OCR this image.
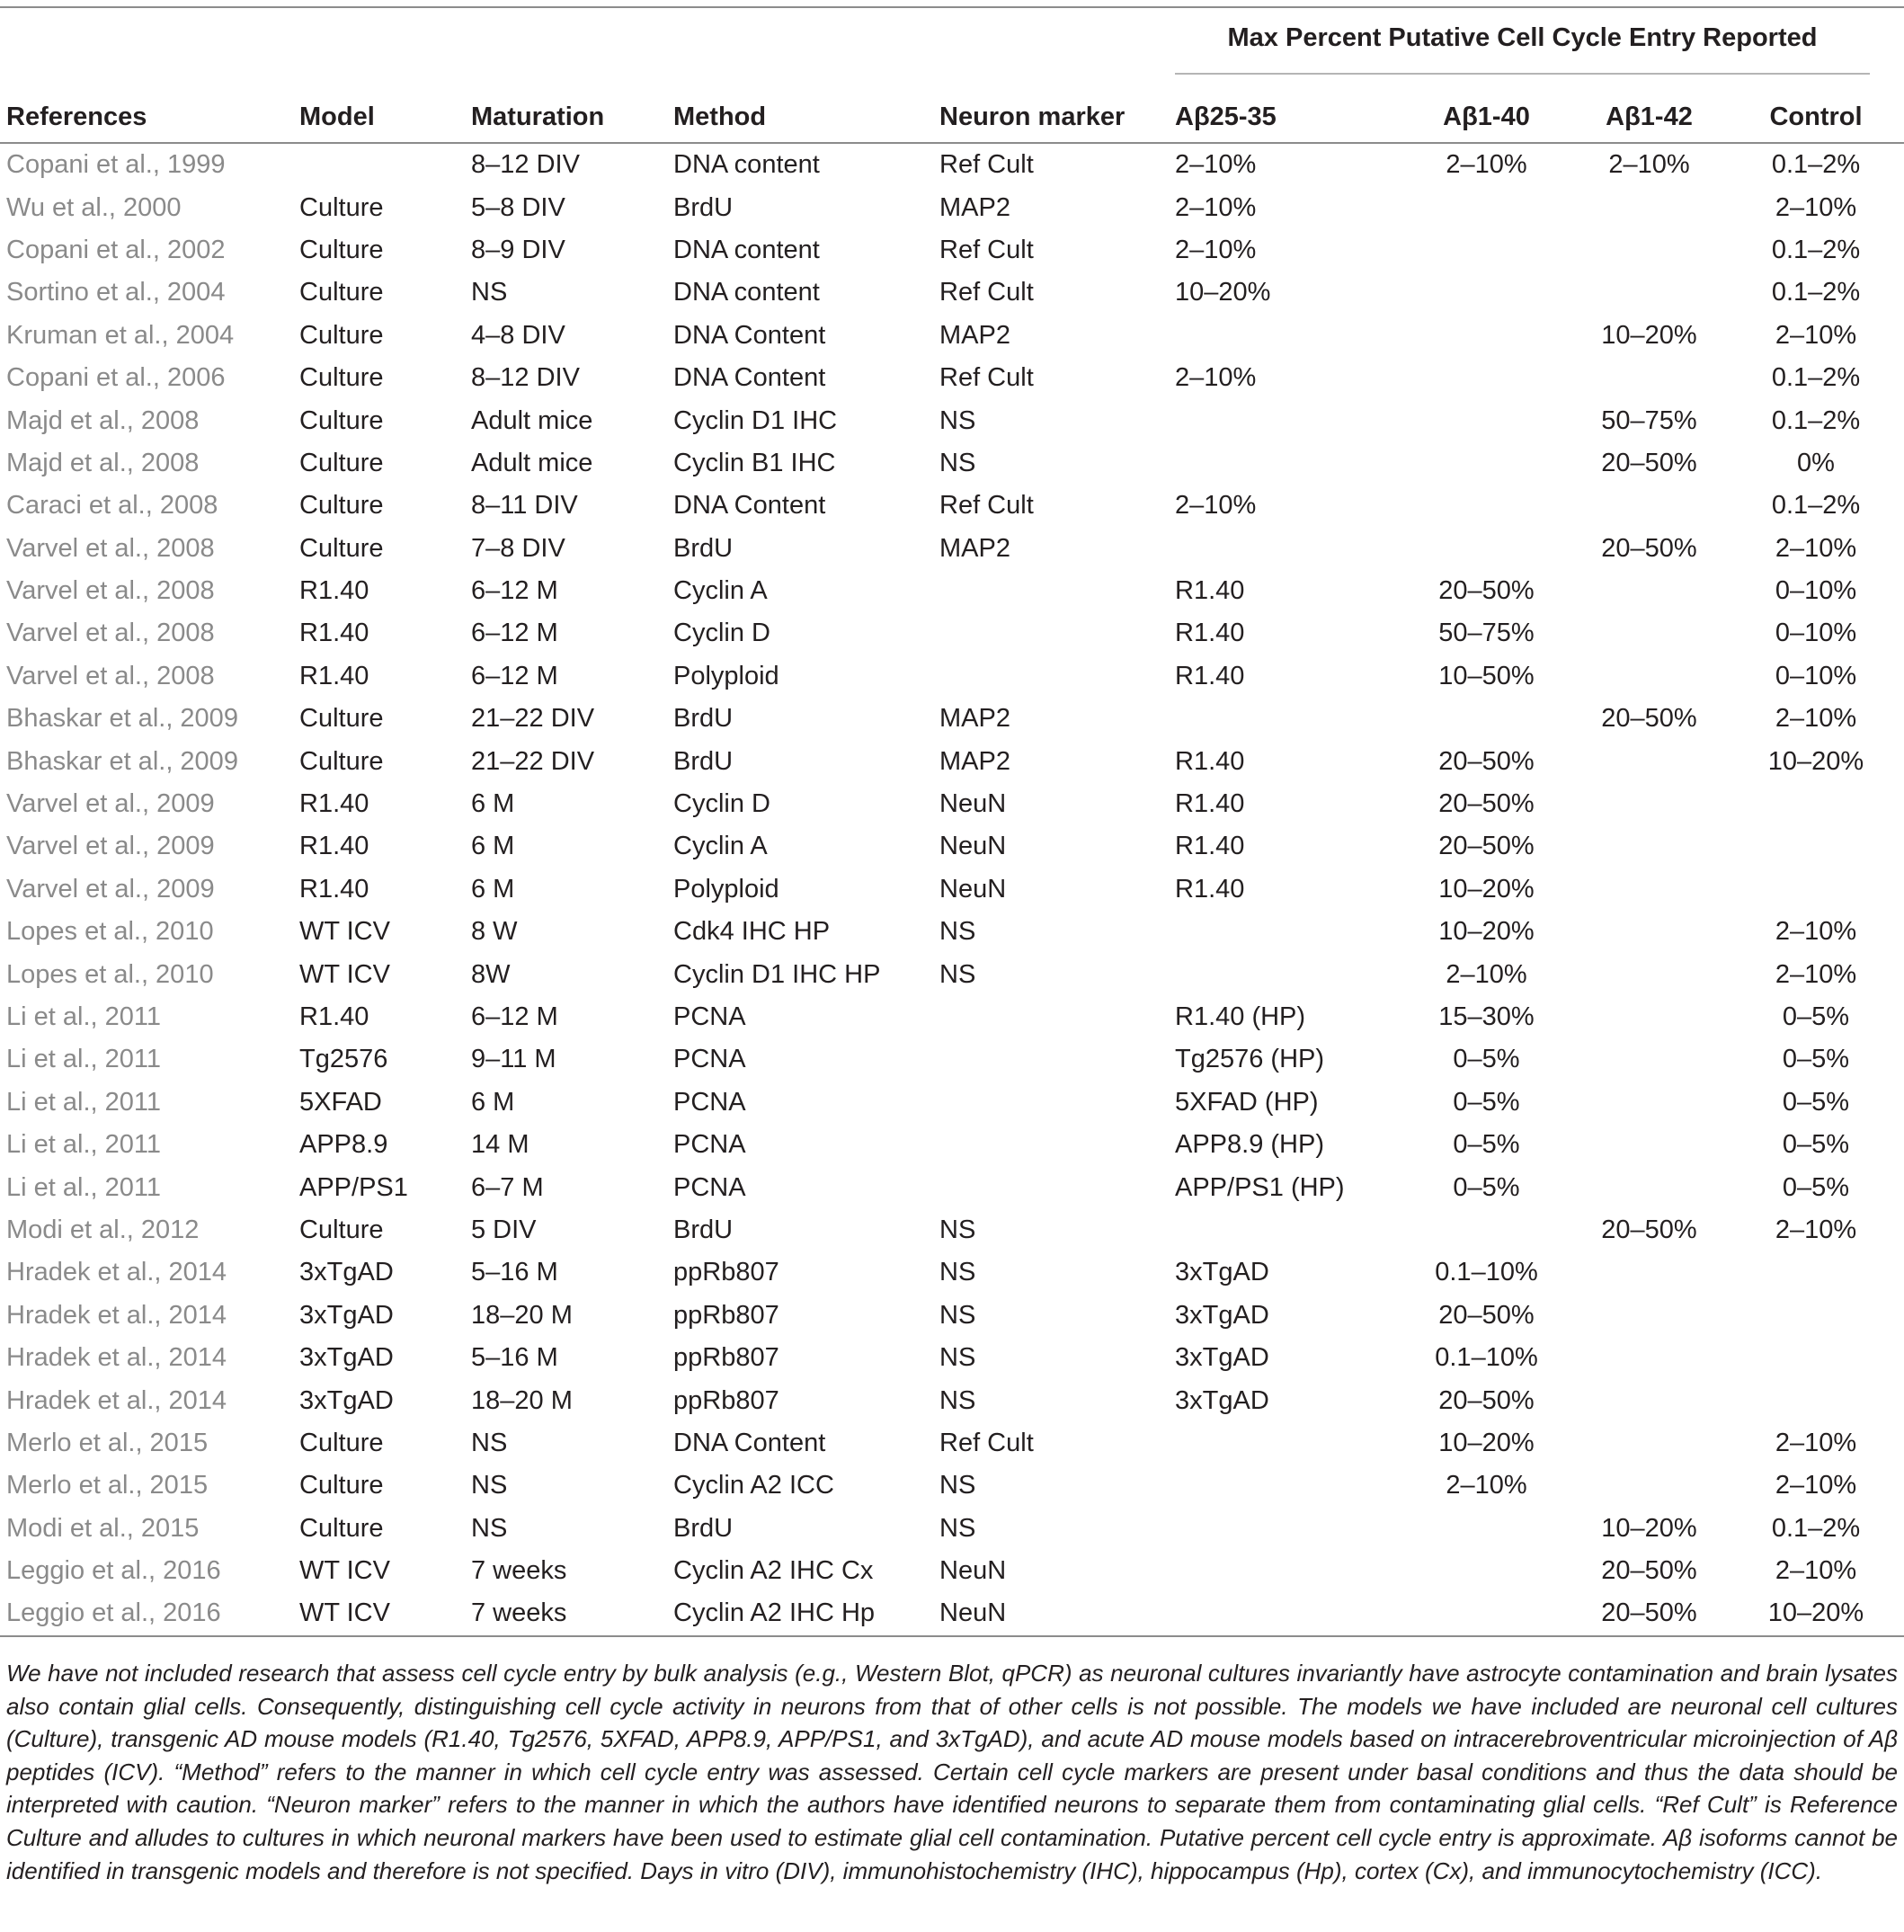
Max Percent Putative Cell Cycle Entry Reported
References	Model	Maturation	Method	Neuron marker	Aβ25-35	Aβ1-40	Aβ1-42	Control
Copani et al., 1999		8–12 DIV	DNA content	Ref Cult	2–10%	2–10%	2–10%	0.1–2%
Wu et al., 2000	Culture	5–8 DIV	BrdU	MAP2	2–10%			2–10%
Copani et al., 2002	Culture	8–9 DIV	DNA content	Ref Cult	2–10%			0.1–2%
Sortino et al., 2004	Culture	NS	DNA content	Ref Cult	10–20%			0.1–2%
Kruman et al., 2004	Culture	4–8 DIV	DNA Content	MAP2			10–20%	2–10%
Copani et al., 2006	Culture	8–12 DIV	DNA Content	Ref Cult	2–10%			0.1–2%
Majd et al., 2008	Culture	Adult mice	Cyclin D1 IHC	NS			50–75%	0.1–2%
Majd et al., 2008	Culture	Adult mice	Cyclin B1 IHC	NS			20–50%	0%
Caraci et al., 2008	Culture	8–11 DIV	DNA Content	Ref Cult	2–10%			0.1–2%
Varvel et al., 2008	Culture	7–8 DIV	BrdU	MAP2			20–50%	2–10%
Varvel et al., 2008	R1.40	6–12 M	Cyclin A		R1.40	20–50%		0–10%
Varvel et al., 2008	R1.40	6–12 M	Cyclin D		R1.40	50–75%		0–10%
Varvel et al., 2008	R1.40	6–12 M	Polyploid		R1.40	10–50%		0–10%
Bhaskar et al., 2009	Culture	21–22 DIV	BrdU	MAP2			20–50%	2–10%
Bhaskar et al., 2009	Culture	21–22 DIV	BrdU	MAP2	R1.40	20–50%		10–20%
Varvel et al., 2009	R1.40	6 M	Cyclin D	NeuN	R1.40	20–50%		
Varvel et al., 2009	R1.40	6 M	Cyclin A	NeuN	R1.40	20–50%		
Varvel et al., 2009	R1.40	6 M	Polyploid	NeuN	R1.40	10–20%		
Lopes et al., 2010	WT ICV	8 W	Cdk4 IHC HP	NS		10–20%		2–10%
Lopes et al., 2010	WT ICV	8W	Cyclin D1 IHC HP	NS		2–10%		2–10%
Li et al., 2011	R1.40	6–12 M	PCNA		R1.40 (HP)	15–30%		0–5%
Li et al., 2011	Tg2576	9–11 M	PCNA		Tg2576 (HP)	0–5%		0–5%
Li et al., 2011	5XFAD	6 M	PCNA		5XFAD (HP)	0–5%		0–5%
Li et al., 2011	APP8.9	14 M	PCNA		APP8.9 (HP)	0–5%		0–5%
Li et al., 2011	APP/PS1	6–7 M	PCNA		APP/PS1 (HP)	0–5%		0–5%
Modi et al., 2012	Culture	5 DIV	BrdU	NS			20–50%	2–10%
Hradek et al., 2014	3xTgAD	5–16 M	ppRb807	NS	3xTgAD	0.1–10%		
Hradek et al., 2014	3xTgAD	18–20 M	ppRb807	NS	3xTgAD	20–50%		
Hradek et al., 2014	3xTgAD	5–16 M	ppRb807	NS	3xTgAD	0.1–10%		
Hradek et al., 2014	3xTgAD	18–20 M	ppRb807	NS	3xTgAD	20–50%		
Merlo et al., 2015	Culture	NS	DNA Content	Ref Cult		10–20%		2–10%
Merlo et al., 2015	Culture	NS	Cyclin A2 ICC	NS		2–10%		2–10%
Modi et al., 2015	Culture	NS	BrdU	NS			10–20%	0.1–2%
Leggio et al., 2016	WT ICV	7 weeks	Cyclin A2 IHC Cx	NeuN			20–50%	2–10%
Leggio et al., 2016	WT ICV	7 weeks	Cyclin A2 IHC Hp	NeuN			20–50%	10–20%
We have not included research that assess cell cycle entry by bulk analysis (e.g., Western Blot, qPCR) as neuronal cultures invariantly have astrocyte contamination and brain lysates also contain glial cells. Consequently, distinguishing cell cycle activity in neurons from that of other cells is not possible. The models we have included are neuronal cell cultures (Culture), transgenic AD mouse models (R1.40, Tg2576, 5XFAD, APP8.9, APP/PS1, and 3xTgAD), and acute AD mouse models based on intracerebroventricular microinjection of Aβ peptides (ICV). “Method” refers to the manner in which cell cycle entry was assessed. Certain cell cycle markers are present under basal conditions and thus the data should be interpreted with caution. “Neuron marker” refers to the manner in which the authors have identified neurons to separate them from contaminating glial cells. “Ref Cult” is Reference Culture and alludes to cultures in which neuronal markers have been used to estimate glial cell contamination. Putative percent cell cycle entry is approximate. Aβ isoforms cannot be identified in transgenic models and therefore is not specified. Days in vitro (DIV), immunohistochemistry (IHC), hippocampus (Hp), cortex (Cx), and immunocytochemistry (ICC).
